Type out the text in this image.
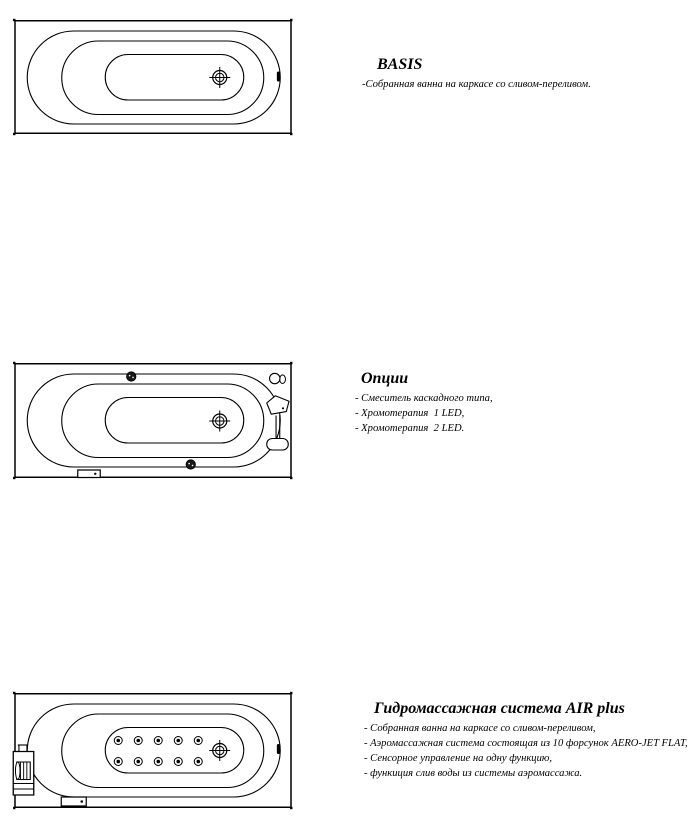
BASIS
-Собранная ванна на каркасе со сливом-переливом.
Опции
- Смеситель каскадного типа,
- Хромотерапия  1 LED,
- Хромотерапия  2 LED.
Гидромассажная система AIR plus
- Собранная ванна на каркасе со сливом-переливом,
- Аэромассажная система состоящая из 10 форсунок AERO-JET FLAT,
- Сенсорное управление на одну функцию,
- функиция слив воды из системы аэромассажа.
